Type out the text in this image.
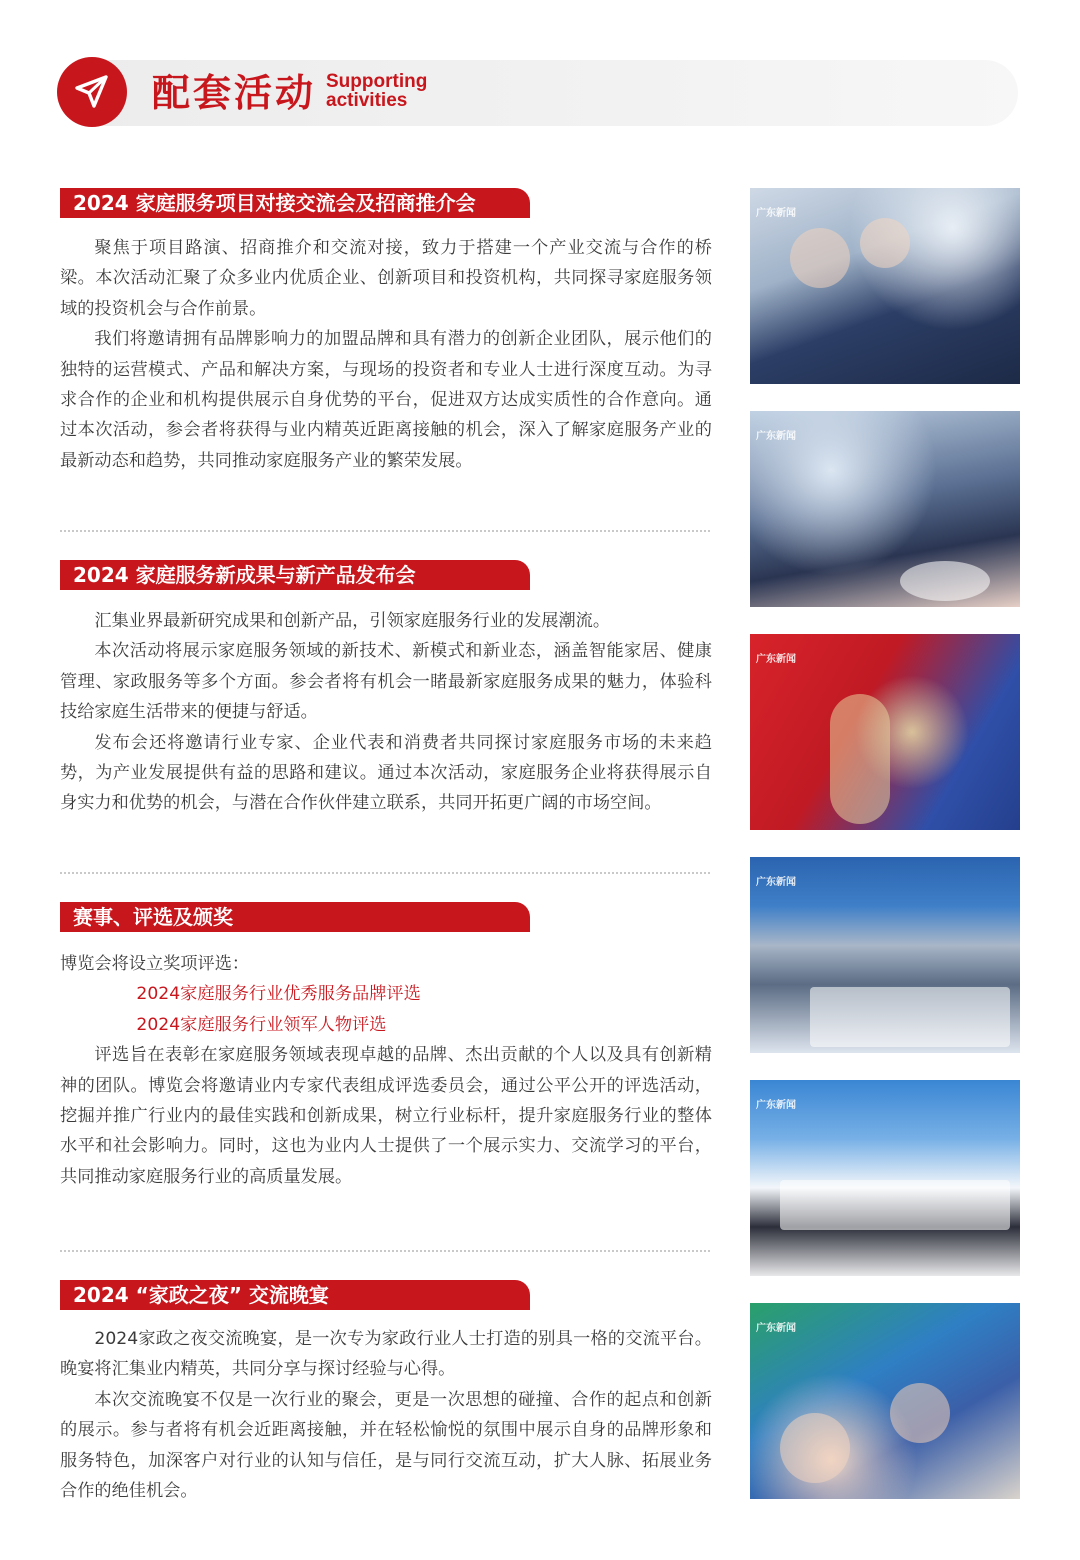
配套活动 Supporting
activities
2024 家庭服务项目对接交流会及招商推介会

聚焦于项目路演、招商推介和交流对接，致力于搭建一个产业交流与合作的桥梁。本次活动汇聚了众多业内优质企业、创新项目和投资机构，共同探寻家庭服务领域的投资机会与合作前景。

我们将邀请拥有品牌影响力的加盟品牌和具有潜力的创新企业团队，展示他们的独特的运营模式、产品和解决方案，与现场的投资者和专业人士进行深度互动。为寻求合作的企业和机构提供展示自身优势的平台，促进双方达成实质性的合作意向。通过本次活动，参会者将获得与业内精英近距离接触的机会，深入了解家庭服务产业的最新动态和趋势，共同推动家庭服务产业的繁荣发展。

2024 家庭服务新成果与新产品发布会

汇集业界最新研究成果和创新产品，引领家庭服务行业的发展潮流。

本次活动将展示家庭服务领域的新技术、新模式和新业态，涵盖智能家居、健康管理、家政服务等多个方面。参会者将有机会一睹最新家庭服务成果的魅力，体验科技给家庭生活带来的便捷与舒适。

发布会还将邀请行业专家、企业代表和消费者共同探讨家庭服务市场的未来趋势，为产业发展提供有益的思路和建议。通过本次活动，家庭服务企业将获得展示自身实力和优势的机会，与潜在合作伙伴建立联系，共同开拓更广阔的市场空间。

赛事、评选及颁奖

博览会将设立奖项评选：

2024家庭服务行业优秀服务品牌评选

2024家庭服务行业领军人物评选

评选旨在表彰在家庭服务领域表现卓越的品牌、杰出贡献的个人以及具有创新精神的团队。博览会将邀请业内专家代表组成评选委员会，通过公平公开的评选活动，挖掘并推广行业内的最佳实践和创新成果，树立行业标杆，提升家庭服务行业的整体水平和社会影响力。同时，这也为业内人士提供了一个展示实力、交流学习的平台，共同推动家庭服务行业的高质量发展。

2024 “家政之夜” 交流晚宴

2024家政之夜交流晚宴，是一次专为家政行业人士打造的别具一格的交流平台。晚宴将汇集业内精英，共同分享与探讨经验与心得。

本次交流晚宴不仅是一次行业的聚会，更是一次思想的碰撞、合作的起点和创新的展示。参与者将有机会近距离接触，并在轻松愉悦的氛围中展示自身的品牌形象和服务特色，加深客户对行业的认知与信任，是与同行交流互动，扩大人脉、拓展业务合作的绝佳机会。

广东新闻
广东新闻
广东新闻
广东新闻
广东新闻
广东新闻
